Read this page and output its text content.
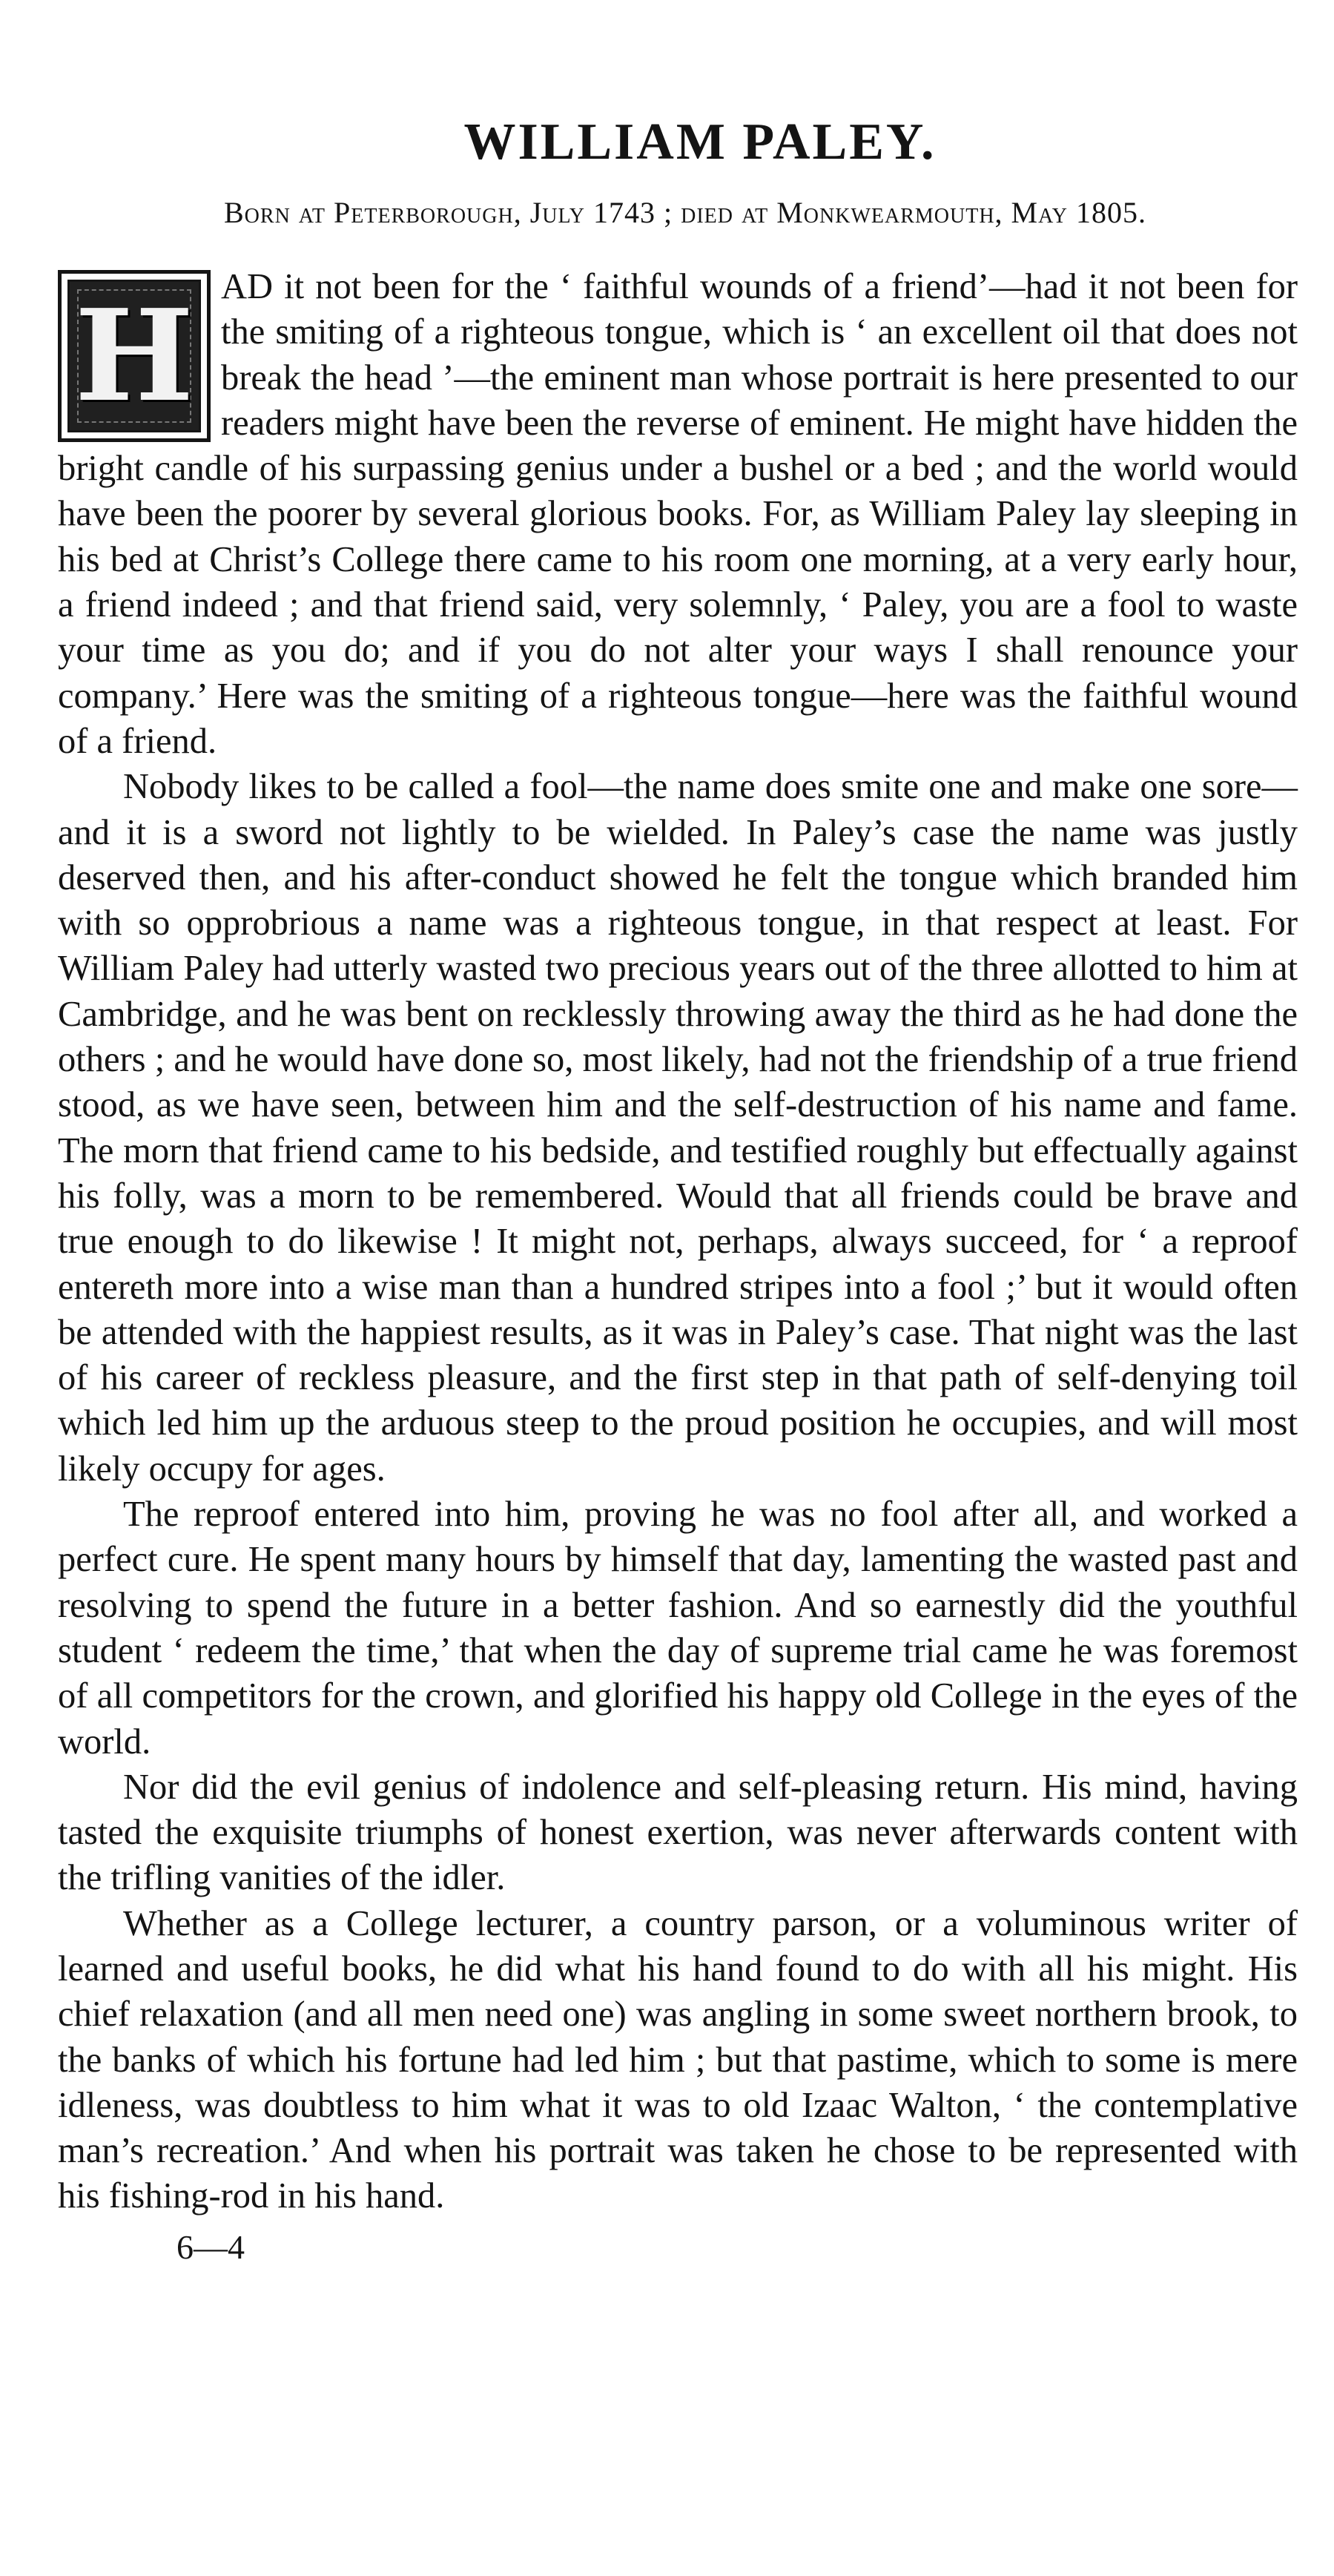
WILLIAM PALEY.
Born at Peterborough, July 1743 ; died at Monkwearmouth, May 1805.
H AD it not been for the ‘ faithful wounds of a friend’—had it not been for the smiting of a righteous tongue, which is ‘ an excellent oil that does not break the head ’—the eminent man whose portrait is here presented to our readers might have been the reverse of eminent. He might have hidden the bright candle of his surpassing genius under a bushel or a bed ; and the world would have been the poorer by several glorious books. For, as William Paley lay sleeping in his bed at Christ’s College there came to his room one morning, at a very early hour, a friend indeed ; and that friend said, very solemnly, ‘ Paley, you are a fool to waste your time as you do; and if you do not alter your ways I shall renounce your company.’ Here was the smiting of a righteous tongue—here was the faithful wound of a friend.

Nobody likes to be called a fool—the name does smite one and make one sore—and it is a sword not lightly to be wielded. In Paley’s case the name was justly deserved then, and his after-conduct showed he felt the tongue which branded him with so opprobrious a name was a righteous tongue, in that respect at least. For William Paley had utterly wasted two precious years out of the three allotted to him at Cambridge, and he was bent on recklessly throwing away the third as he had done the others ; and he would have done so, most likely, had not the friendship of a true friend stood, as we have seen, between him and the self-destruction of his name and fame. The morn that friend came to his bedside, and testified roughly but effectually against his folly, was a morn to be remembered. Would that all friends could be brave and true enough to do likewise ! It might not, perhaps, always succeed, for ‘ a reproof entereth more into a wise man than a hundred stripes into a fool ;’ but it would often be attended with the happiest results, as it was in Paley’s case. That night was the last of his career of reckless pleasure, and the first step in that path of self-denying toil which led him up the arduous steep to the proud position he occupies, and will most likely occupy for ages.

The reproof entered into him, proving he was no fool after all, and worked a perfect cure. He spent many hours by himself that day, lamenting the wasted past and resolving to spend the future in a better fashion. And so earnestly did the youthful student ‘ redeem the time,’ that when the day of supreme trial came he was foremost of all competitors for the crown, and glorified his happy old College in the eyes of the world.

Nor did the evil genius of indolence and self-pleasing return. His mind, having tasted the exquisite triumphs of honest exertion, was never afterwards content with the trifling vanities of the idler.

Whether as a College lecturer, a country parson, or a voluminous writer of learned and useful books, he did what his hand found to do with all his might. His chief relaxation (and all men need one) was angling in some sweet northern brook, to the banks of which his fortune had led him ; but that pastime, which to some is mere idleness, was doubtless to him what it was to old Izaac Walton, ‘ the contemplative man’s recreation.’ And when his portrait was taken he chose to be represented with his fishing-rod in his hand.

6—4
